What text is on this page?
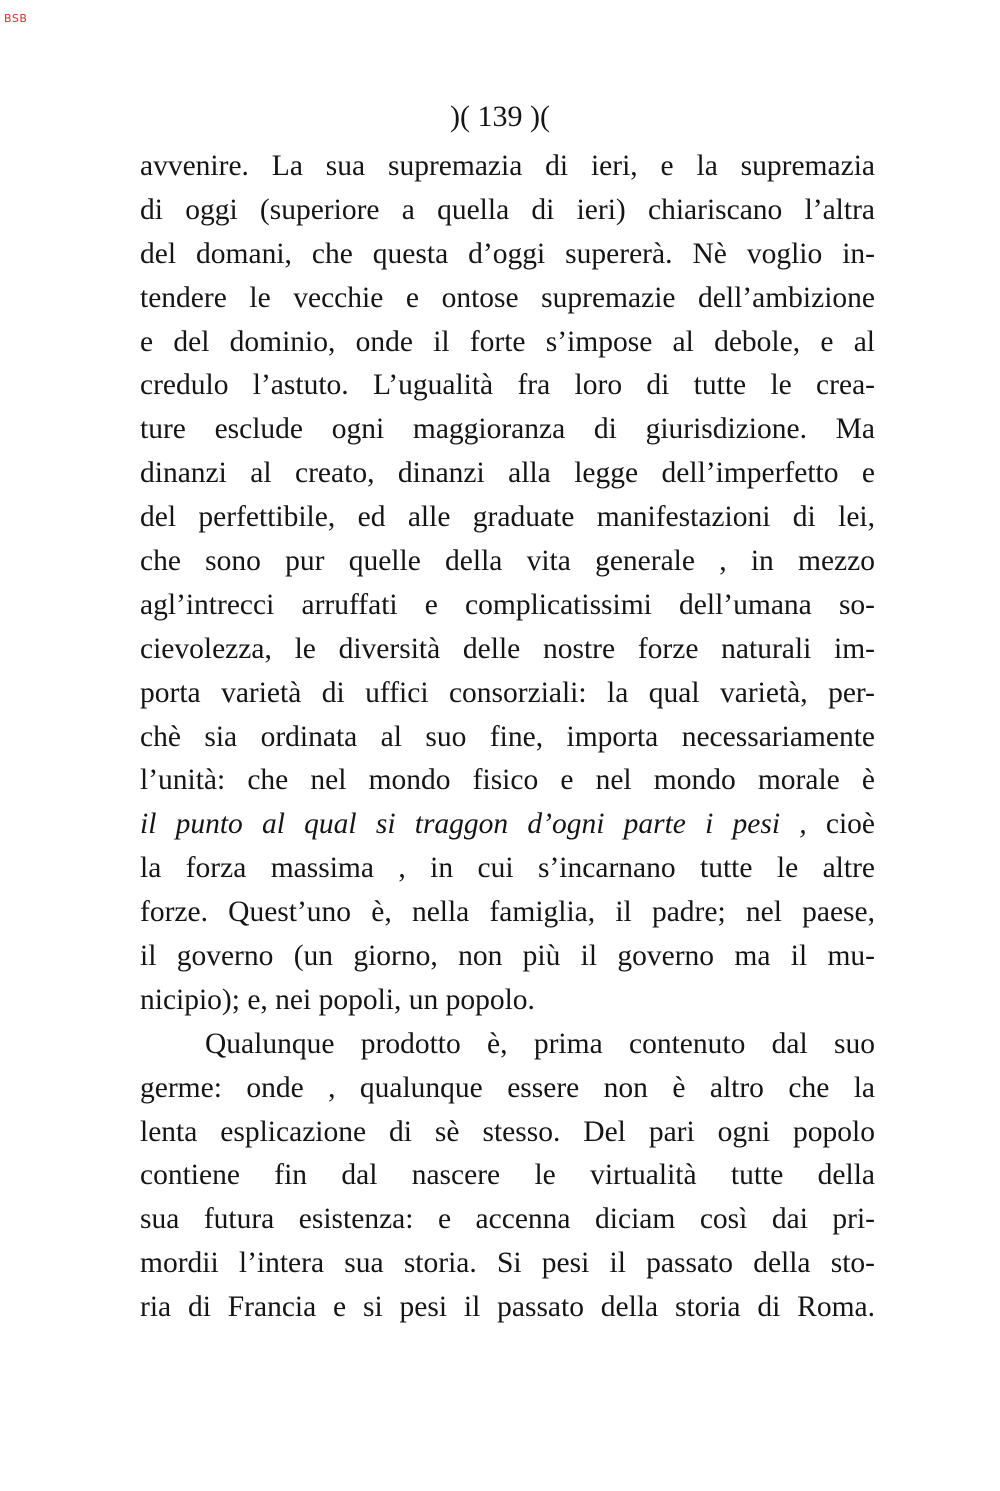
BSB
)( 139 )(
avvenire. La sua supremazia di ieri, e la supremazia
di oggi (superiore a quella di ieri) chiariscano l’altra
del domani, che questa d’oggi supererà. Nè voglio in-
tendere le vecchie e ontose supremazie dell’ambizione
e del dominio, onde il forte s’impose al debole, e al
credulo l’astuto. L’ugualità fra loro di tutte le crea-
ture esclude ogni maggioranza di giurisdizione. Ma
dinanzi al creato, dinanzi alla legge dell’imperfetto e
del perfettibile, ed alle graduate manifestazioni di lei,
che sono pur quelle della vita generale , in mezzo
agl’intrecci arruffati e complicatissimi dell’umana so-
cievolezza, le diversità delle nostre forze naturali im-
porta varietà di uffici consorziali: la qual varietà, per-
chè sia ordinata al suo fine, importa necessariamente
l’unità: che nel mondo fisico e nel mondo morale è
il punto al qual si traggon d’ogni parte i pesi , cioè
la forza massima , in cui s’incarnano tutte le altre
forze. Quest’uno è, nella famiglia, il padre; nel paese,
il governo (un giorno, non più il governo ma il mu-
nicipio); e, nei popoli, un popolo.
Qualunque prodotto è, prima contenuto dal suo
germe: onde , qualunque essere non è altro che la
lenta esplicazione di sè stesso. Del pari ogni popolo
contiene fin dal nascere le virtualità tutte della
sua futura esistenza: e accenna diciam così dai pri-
mordii l’intera sua storia. Si pesi il passato della sto-
ria di Francia e si pesi il passato della storia di Roma.
